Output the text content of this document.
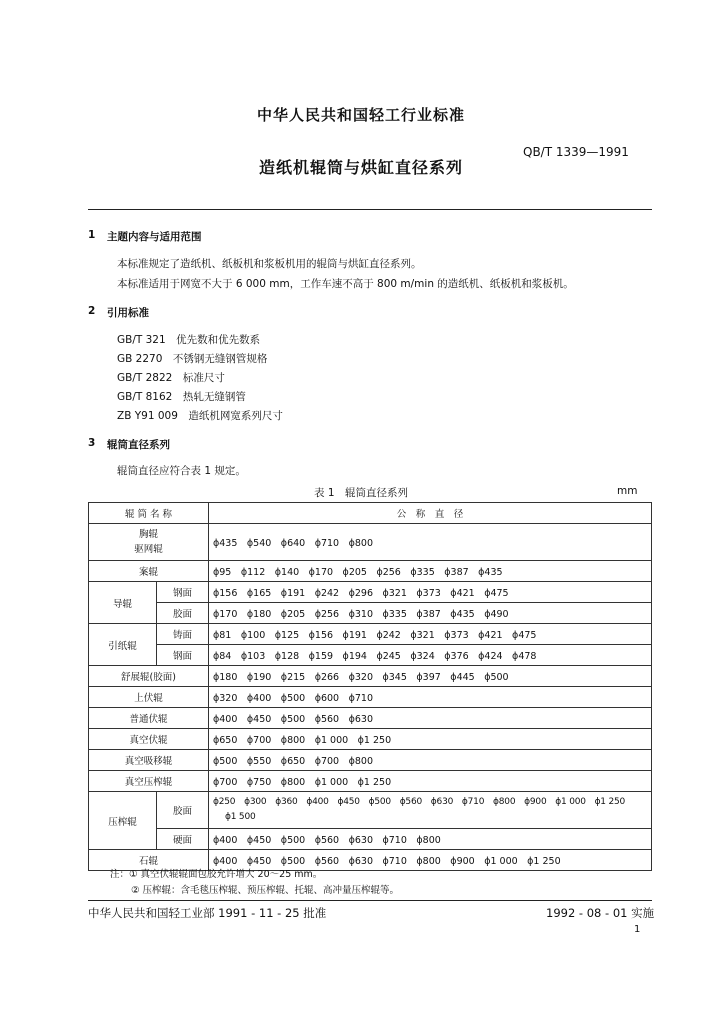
中华人民共和国轻工行业标准
QB/T 1339—1991
造纸机辊筒与烘缸直径系列
1 主题内容与适用范围
本标准规定了造纸机、纸板机和浆板机用的辊筒与烘缸直径系列。
本标准适用于网宽不大于 6 000 mm，工作车速不高于 800 m/min 的造纸机、纸板机和浆板机。
2 引用标准
GB/T 321　 优先数和优先数系
GB 2270　 不锈钢无缝钢管规格
GB/T 2822　 标准尺寸
GB/T 8162　 热轧无缝钢管
ZB Y91 009　 造纸机网宽系列尺寸
3 辊筒直径系列
辊筒直径应符合表 1 规定。
表 1　辊筒直径系列	mm
辊 筒 名 称		公　称　直　径

胸辊
驱网辊		ϕ435　ϕ540　ϕ640　ϕ710　ϕ800
案辊		ϕ95　ϕ112　ϕ140　ϕ170　ϕ205　ϕ256　ϕ335　ϕ387　ϕ435
导辊	钢面	ϕ156　ϕ165　ϕ191　ϕ242　ϕ296　ϕ321　ϕ373　ϕ421　ϕ475
	胶面	ϕ170　ϕ180　ϕ205　ϕ256　ϕ310　ϕ335　ϕ387　ϕ435　ϕ490
引纸辊	铸面	ϕ81　ϕ100　ϕ125　ϕ156　ϕ191　ϕ242　ϕ321　ϕ373　ϕ421　ϕ475
	钢面	ϕ84　ϕ103　ϕ128　ϕ159　ϕ194　ϕ245　ϕ324　ϕ376　ϕ424　ϕ478
舒展辊(胶面)		ϕ180　ϕ190　ϕ215　ϕ266　ϕ320　ϕ345　ϕ397　ϕ445　ϕ500
上伏辊		ϕ320　ϕ400　ϕ500　ϕ600　ϕ710
普通伏辊		ϕ400　ϕ450　ϕ500　ϕ560　ϕ630
真空伏辊		ϕ650　ϕ700　ϕ800　ϕ1 000　ϕ1 250
真空吸移辊		ϕ500　ϕ550　ϕ650　ϕ700　ϕ800
真空压榨辊		ϕ700　ϕ750　ϕ800　ϕ1 000　ϕ1 250
压榨辊	胶面	ϕ250　ϕ300　ϕ360　ϕ400　ϕ450　ϕ500　ϕ560　ϕ630　ϕ710　ϕ800　ϕ900　ϕ1 000　ϕ1 250
ϕ1 500

	硬面	ϕ400　ϕ450　ϕ500　ϕ560　ϕ630　ϕ710　ϕ800
石辊		ϕ400　ϕ450　ϕ500　ϕ560　ϕ630　ϕ710　ϕ800　ϕ900　ϕ1 000　ϕ1 250
注：① 真空伏辊辊面包胶允许增大 20～25 mm。
② 压榨辊：含毛毯压榨辊、预压榨辊、托辊、高冲量压榨辊等。
中华人民共和国轻工业部 1991 - 11 - 25 批准	1992 - 08 - 01 实施
1
